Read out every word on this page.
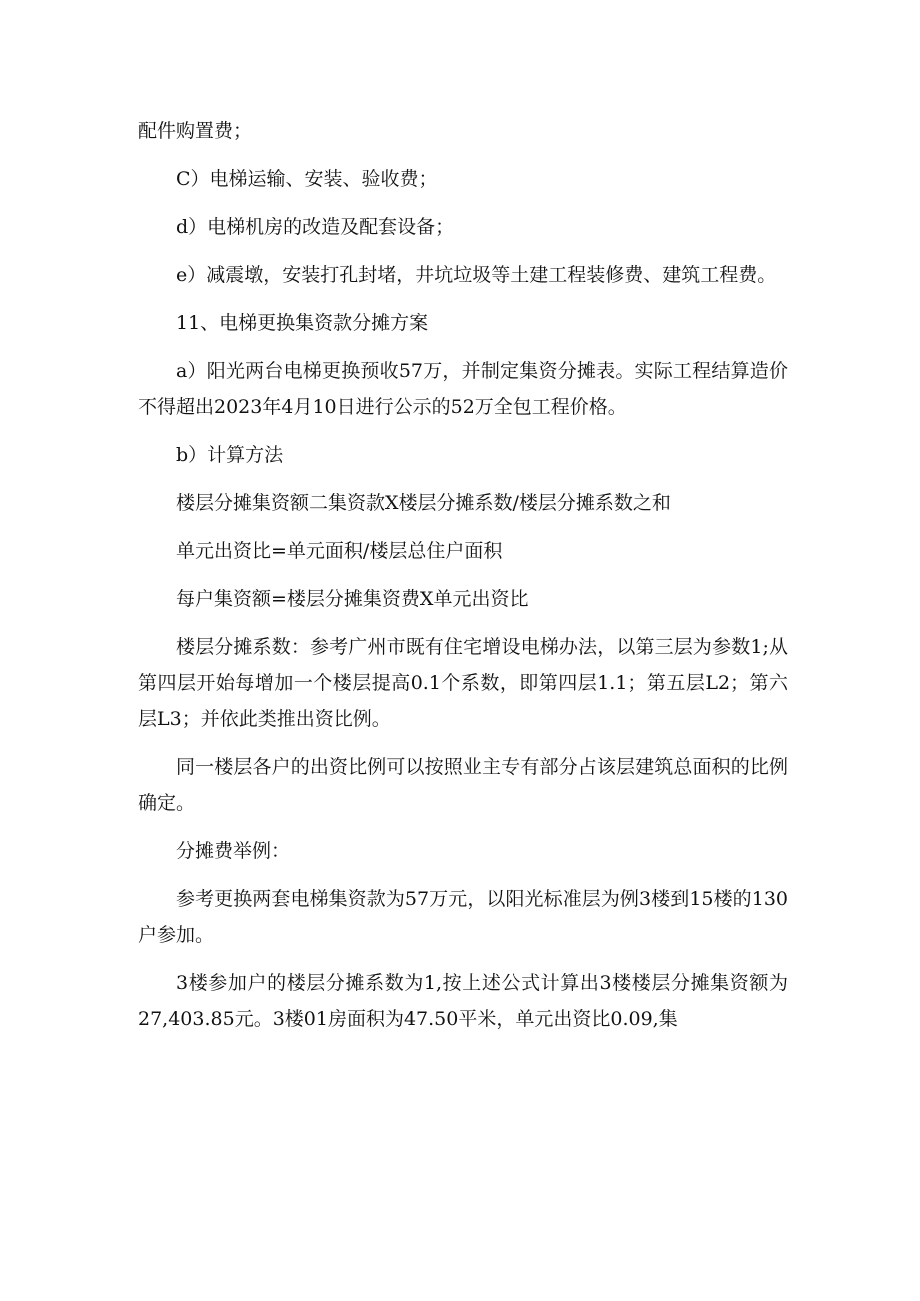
配件购置费；

C）电梯运输、安装、验收费；

d）电梯机房的改造及配套设备；

e）减震墩，安装打孔封堵，井坑垃圾等土建工程装修费、建筑工程费。

11、电梯更换集资款分摊方案

a）阳光两台电梯更换预收57万，并制定集资分摊表。实际工程结算造价不得超出2023年4月10日进行公示的52万全包工程价格。

b）计算方法

楼层分摊集资额二集资款X楼层分摊系数/楼层分摊系数之和

单元出资比=单元面积/楼层总住户面积

每户集资额=楼层分摊集资费X单元出资比

楼层分摊系数：参考广州市既有住宅增设电梯办法，以第三层为参数1;从第四层开始每增加一个楼层提高0.1个系数，即第四层1.1；第五层L2；第六层L3；并依此类推出资比例。

同一楼层各户的出资比例可以按照业主专有部分占该层建筑总面积的比例确定。

分摊费举例：

参考更换两套电梯集资款为57万元，以阳光标准层为例3楼到15楼的130户参加。

3楼参加户的楼层分摊系数为1,按上述公式计算出3楼楼层分摊集资额为27,403.85元。3楼01房面积为47.50平米，单元出资比0.09,集
